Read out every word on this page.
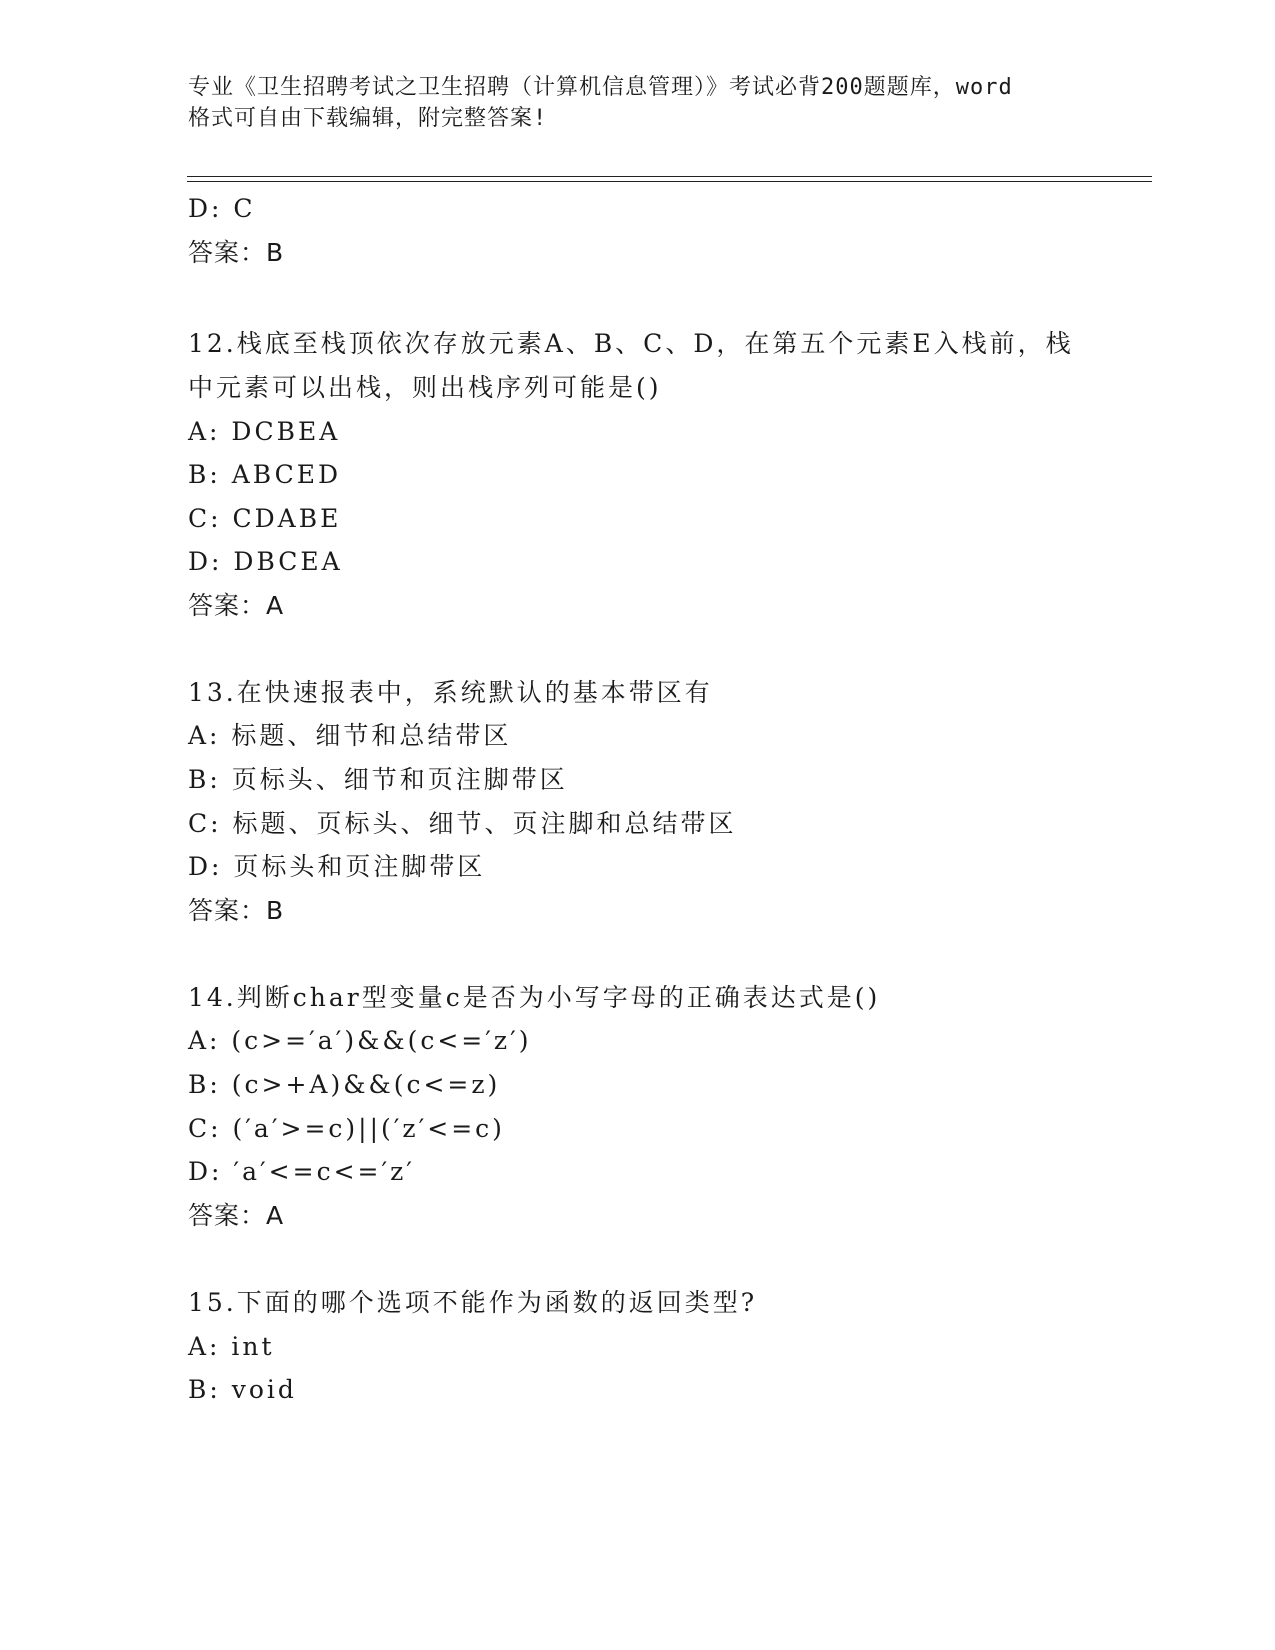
专业《卫生招聘考试之卫生招聘（计算机信息管理）》考试必背200题题库，word
格式可自由下载编辑，附完整答案!
D: C
答案：B
12.栈底至栈顶依次存放元素A、B、C、D，在第五个元素E入栈前，栈
中元素可以出栈，则出栈序列可能是()
A: DCBEA
B: ABCED
C: CDABE
D: DBCEA
答案：A
13.在快速报表中，系统默认的基本带区有
A: 标题、细节和总结带区
B: 页标头、细节和页注脚带区
C: 标题、页标头、细节、页注脚和总结带区
D: 页标头和页注脚带区
答案：B
14.判断char型变量c是否为小写字母的正确表达式是()
A: (c>=′a′)&&(c<=′z′)
B: (c>+A)&&(c<=z)
C: (′a′>=c)||(′z′<=c)
D: ′a′<=c<=′z′
答案：A
15.下面的哪个选项不能作为函数的返回类型?
A: int
B: void
